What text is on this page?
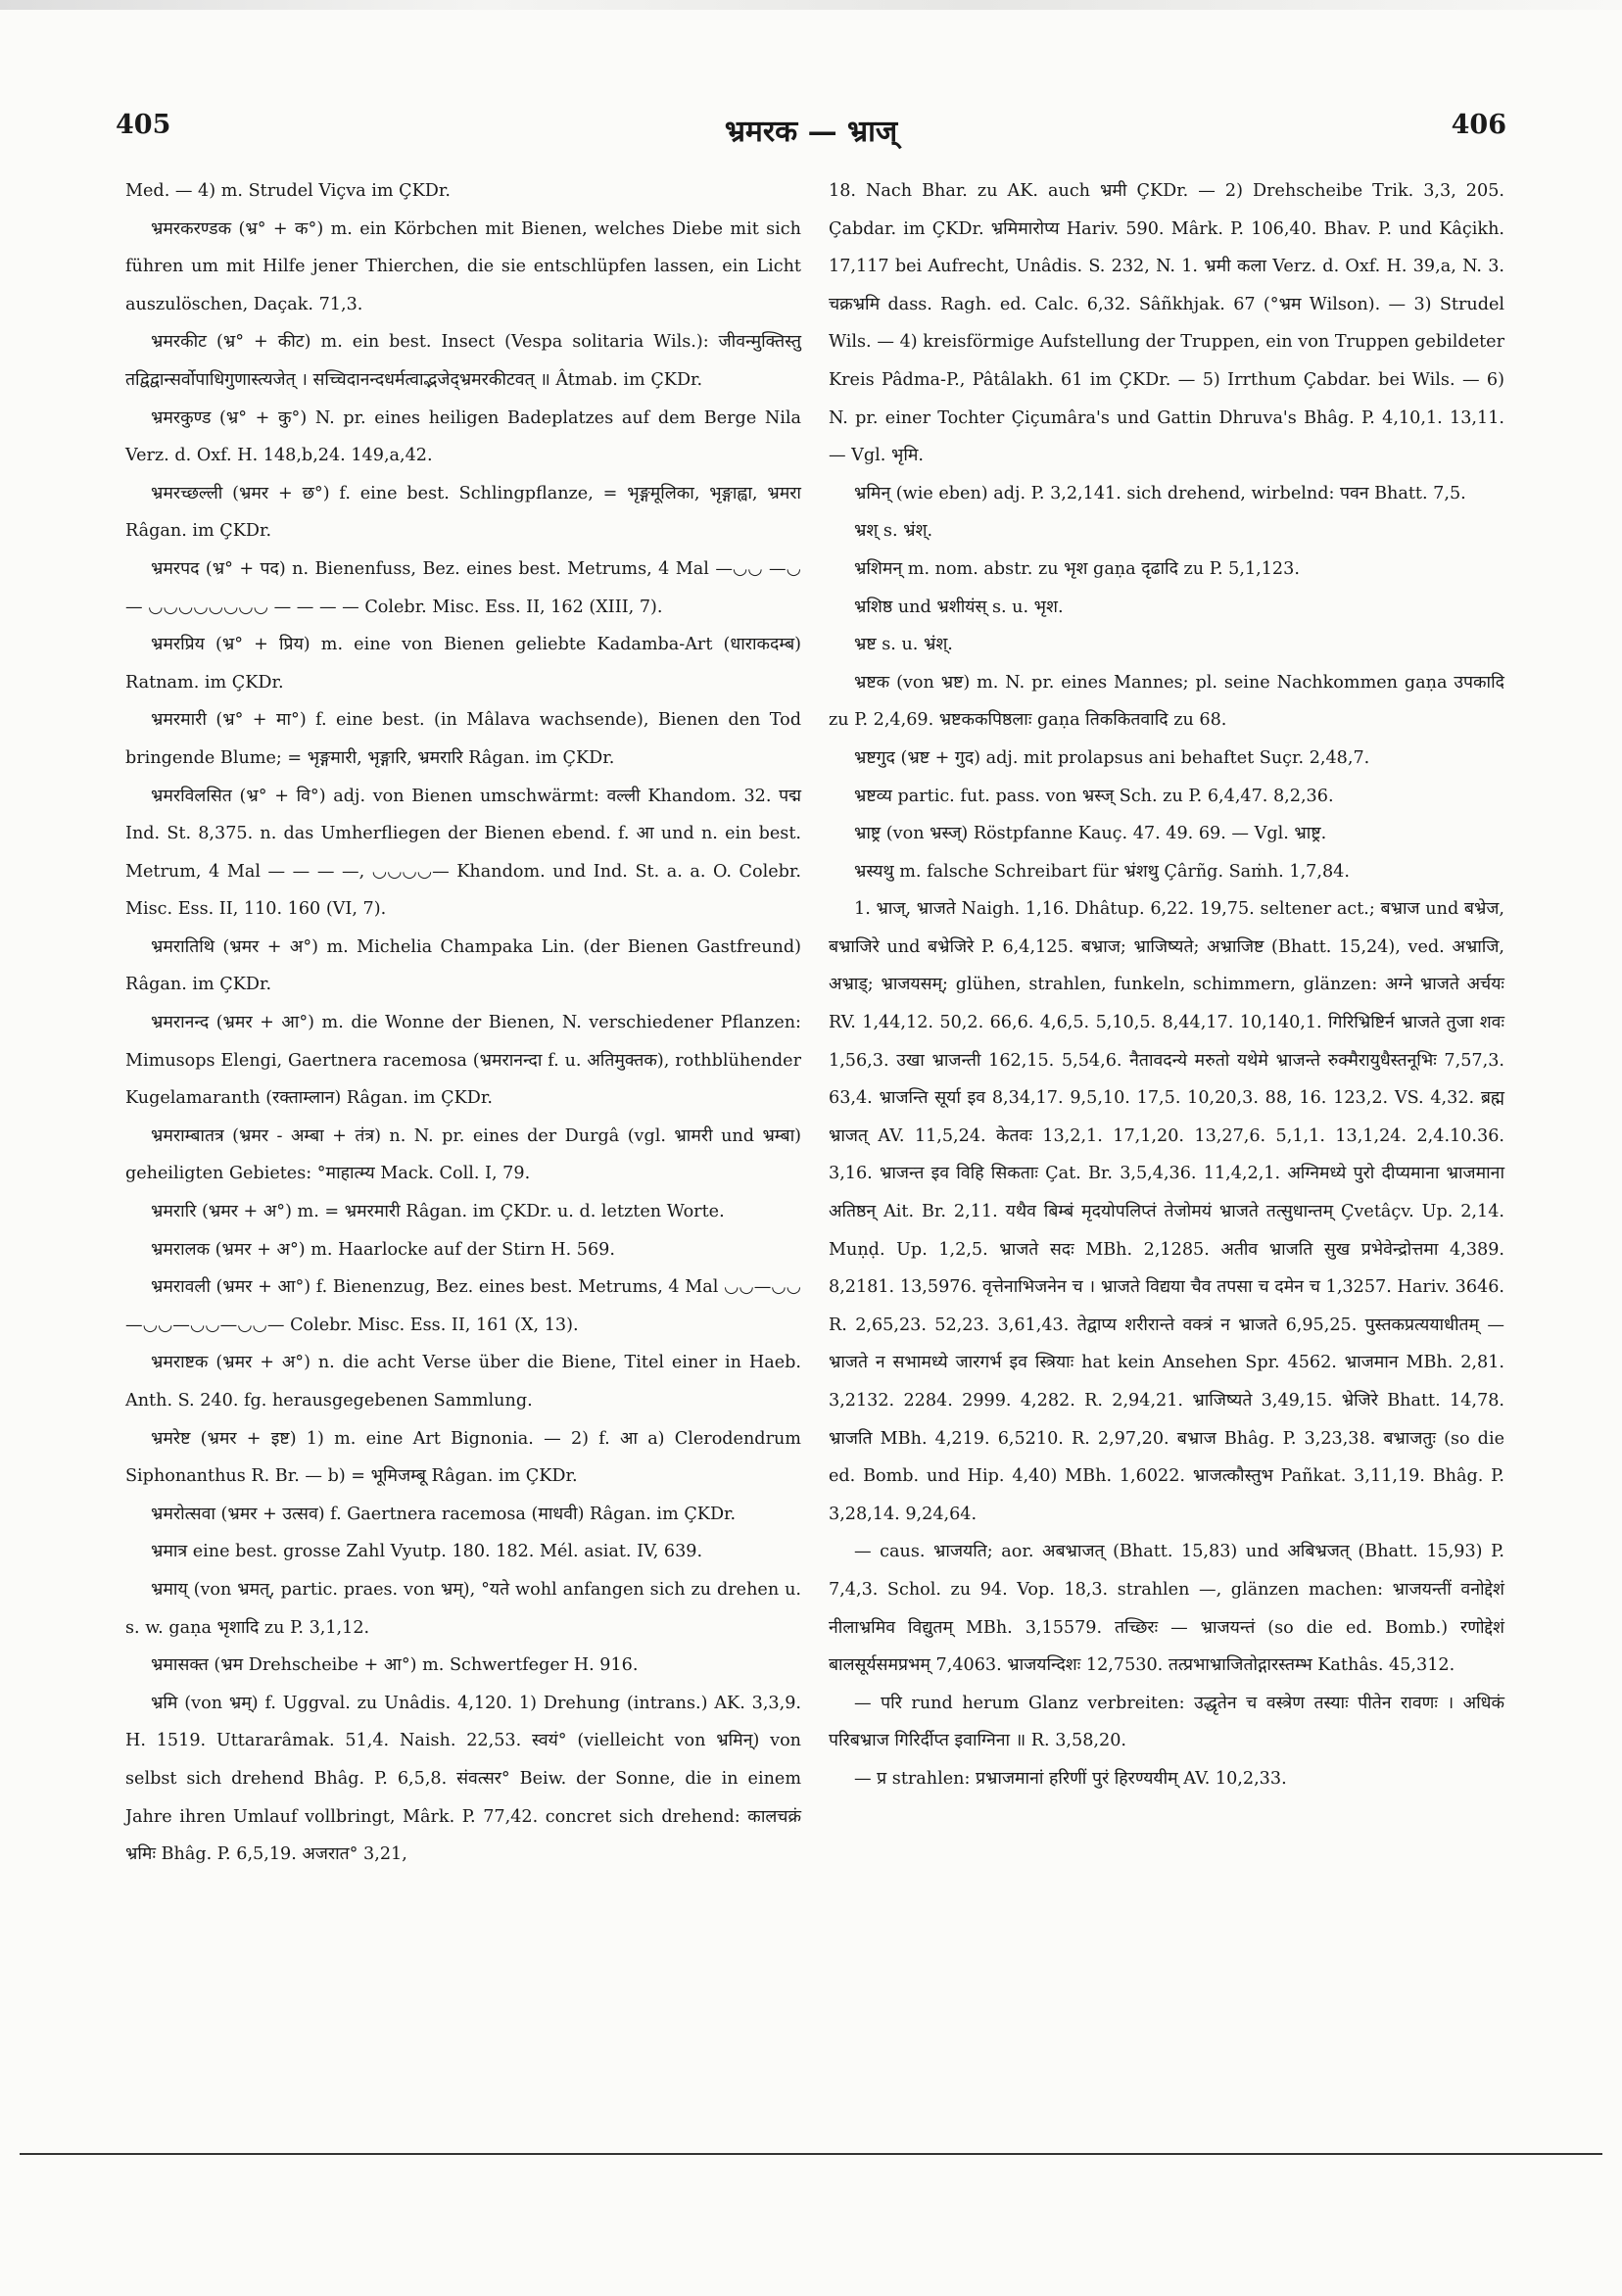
405	भ्रमरक — भ्राज्	406

Med. — 4) m. Strudel Viçva im ÇKDr.

भ्रमरकरण्डक (भ्र° + क°) m. ein Körbchen mit Bienen, welches Diebe mit sich führen um mit Hilfe jener Thierchen, die sie entschlüpfen lassen, ein Licht auszulöschen, Daçak. 71,3.

भ्रमरकीट (भ्र° + कीट) m. ein best. Insect (Vespa solitaria Wils.): जीवन्मुक्तिस्तु तद्विद्वान्सर्वोपाधिगुणास्त्यजेत् । सच्चिदानन्दधर्मत्वाद्भजेद्भ्रमरकीटवत् ॥ Âtmab. im ÇKDr.

भ्रमरकुण्ड (भ्र° + कु°) N. pr. eines heiligen Badeplatzes auf dem Berge Nila Verz. d. Oxf. H. 148,b,24. 149,a,42.

भ्रमरच्छल्ली (भ्रमर + छ°) f. eine best. Schlingpflanze, = भृङ्गमूलिका, भृङ्गाह्वा, भ्रमरा Râgan. im ÇKDr.

भ्रमरपद (भ्र° + पद) n. Bienenfuss, Bez. eines best. Metrums, 4 Mal —◡◡ —◡— ◡◡◡◡◡◡◡◡ — — — — Colebr. Misc. Ess. II, 162 (XIII, 7).

भ्रमरप्रिय (भ्र° + प्रिय) m. eine von Bienen geliebte Kadamba-Art (धाराकदम्ब) Ratnam. im ÇKDr.

भ्रमरमारी (भ्र° + मा°) f. eine best. (in Mâlava wachsende), Bienen den Tod bringende Blume; = भृङ्गमारी, भृङ्गारि, भ्रमरारि Râgan. im ÇKDr.

भ्रमरविलसित (भ्र° + वि°) adj. von Bienen umschwärmt: वल्ली Khandom. 32. पद्म Ind. St. 8,375. n. das Umherfliegen der Bienen ebend. f. आ und n. ein best. Metrum, 4 Mal — — — —, ◡◡◡◡— Khandom. und Ind. St. a. a. O. Colebr. Misc. Ess. II, 110. 160 (VI, 7).

भ्रमरातिथि (भ्रमर + अ°) m. Michelia Champaka Lin. (der Bienen Gastfreund) Râgan. im ÇKDr.

भ्रमरानन्द (भ्रमर + आ°) m. die Wonne der Bienen, N. verschiedener Pflanzen: Mimusops Elengi, Gaertnera racemosa (भ्रमरानन्दा f. u. अतिमुक्तक), rothblühender Kugelamaranth (रक्ताम्लान) Râgan. im ÇKDr.

भ्रमराम्बातत्र (भ्रमर - अम्बा + तंत्र) n. N. pr. eines der Durgâ (vgl. भ्रामरी und भ्रम्बा) geheiligten Gebietes: °माहात्म्य Mack. Coll. I, 79.

भ्रमरारि (भ्रमर + अ°) m. = भ्रमरमारी Râgan. im ÇKDr. u. d. letzten Worte.

भ्रमरालक (भ्रमर + अ°) m. Haarlocke auf der Stirn H. 569.

भ्रमरावली (भ्रमर + आ°) f. Bienenzug, Bez. eines best. Metrums, 4 Mal ◡◡—◡◡—◡◡—◡◡—◡◡— Colebr. Misc. Ess. II, 161 (X, 13).

भ्रमराष्टक (भ्रमर + अ°) n. die acht Verse über die Biene, Titel einer in Haeb. Anth. S. 240. fg. herausgegebenen Sammlung.

भ्रमरेष्ट (भ्रमर + इष्ट) 1) m. eine Art Bignonia. — 2) f. आ a) Clerodendrum Siphonanthus R. Br. — b) = भूमिजम्बू Râgan. im ÇKDr.

भ्रमरोत्सवा (भ्रमर + उत्सव) f. Gaertnera racemosa (माधवी) Râgan. im ÇKDr.

भ्रमात्र eine best. grosse Zahl Vyutp. 180. 182. Mél. asiat. IV, 639.

भ्रमाय् (von भ्रमत्, partic. praes. von भ्रम्), °यते wohl anfangen sich zu drehen u. s. w. gaṇa भृशादि zu P. 3,1,12.

भ्रमासक्त (भ्रम Drehscheibe + आ°) m. Schwertfeger H. 916.

भ्रमि (von भ्रम्) f. Uggval. zu Unâdis. 4,120. 1) Drehung (intrans.) AK. 3,3,9. H. 1519. Uttararâmak. 51,4. Naish. 22,53. स्वयं° (vielleicht von भ्रमिन्) von selbst sich drehend Bhâg. P. 6,5,8. संवत्सर° Beiw. der Sonne, die in einem Jahre ihren Umlauf vollbringt, Mârk. P. 77,42. concret sich drehend: कालचक्रं भ्रमिः Bhâg. P. 6,5,19. अजरात° 3,21,

18. Nach Bhar. zu AK. auch भ्रमी ÇKDr. — 2) Drehscheibe Trik. 3,3, 205. Çabdar. im ÇKDr. भ्रमिमारोप्य Hariv. 590. Mârk. P. 106,40. Bhav. P. und Kâçikh. 17,117 bei Aufrecht, Unâdis. S. 232, N. 1. भ्रमी कला Verz. d. Oxf. H. 39,a, N. 3. चक्रभ्रमि dass. Ragh. ed. Calc. 6,32. Sâñkhjak. 67 (°भ्रम Wilson). — 3) Strudel Wils. — 4) kreisförmige Aufstellung der Truppen, ein von Truppen gebildeter Kreis Pâdma-P., Pâtâlakh. 61 im ÇKDr. — 5) Irrthum Çabdar. bei Wils. — 6) N. pr. einer Tochter Çiçumâra's und Gattin Dhruva's Bhâg. P. 4,10,1. 13,11. — Vgl. भृमि.

भ्रमिन् (wie eben) adj. P. 3,2,141. sich drehend, wirbelnd: पवन Bhatt. 7,5.

भ्रश् s. भ्रंश्.

भ्रशिमन् m. nom. abstr. zu भृश gaṇa दृढादि zu P. 5,1,123.

भ्रशिष्ठ und भ्रशीयंस् s. u. भृश.

भ्रष्ट s. u. भ्रंश्.

भ्रष्टक (von भ्रष्ट) m. N. pr. eines Mannes; pl. seine Nachkommen gaṇa उपकादि zu P. 2,4,69. भ्रष्टककपिष्ठलाः gaṇa तिककितवादि zu 68.

भ्रष्टगुद (भ्रष्ट + गुद) adj. mit prolapsus ani behaftet Suçr. 2,48,7.

भ्रष्टव्य partic. fut. pass. von भ्रस्ज् Sch. zu P. 6,4,47. 8,2,36.

भ्राष्ट्र (von भ्रस्ज्) Röstpfanne Kauç. 47. 49. 69. — Vgl. भ्राष्ट्र.

भ्रस्यथु m. falsche Schreibart für भ्रंशथु Çârñg. Saṁh. 1,7,84.

1. भ्राज्, भ्राजते Naigh. 1,16. Dhâtup. 6,22. 19,75. seltener act.; बभ्राज und बभ्रेज, बभ्राजिरे und बभ्रेजिरे P. 6,4,125. बभ्राज; भ्राजिष्यते; अभ्राजिष्ट (Bhatt. 15,24), ved. अभ्राजि, अभ्राड्; भ्राजयसम्; glühen, strahlen, funkeln, schimmern, glänzen: अग्ने भ्राजते अर्चयः RV. 1,44,12. 50,2. 66,6. 4,6,5. 5,10,5. 8,44,17. 10,140,1. गिरिभ्रिष्टिर्न भ्राजते तुजा शवः 1,56,3. उखा भ्राजन्ती 162,15. 5,54,6. नैतावदन्ये मरुतो यथेमे भ्राजन्ते रुक्मैरायुधैस्तनूभिः 7,57,3. 63,4. भ्राजन्ति सूर्या इव 8,34,17. 9,5,10. 17,5. 10,20,3. 88, 16. 123,2. VS. 4,32. ब्रह्म भ्राजत् AV. 11,5,24. केतवः 13,2,1. 17,1,20. 13,27,6. 5,1,1. 13,1,24. 2,4.10.36. 3,16. भ्राजन्त इव विहि सिकताः Çat. Br. 3,5,4,36. 11,4,2,1. अग्निमध्ये पुरो दीप्यमाना भ्राजमाना अतिष्ठन् Ait. Br. 2,11. यथैव बिम्बं मृदयोपलिप्तं तेजोमयं भ्राजते तत्सुधान्तम् Çvetâçv. Up. 2,14. Muṇḍ. Up. 1,2,5. भ्राजते सदः MBh. 2,1285. अतीव भ्राजति सुख प्रभेवेन्द्रोत्तमा 4,389. 8,2181. 13,5976. वृत्तेनाभिजनेन च । भ्राजते विद्यया चैव तपसा च दमेन च 1,3257. Hariv. 3646. R. 2,65,23. 52,23. 3,61,43. तेद्वाप्य शरीरान्ते वक्त्रं न भ्राजते 6,95,25. पुस्तकप्रत्ययाधीतम् — भ्राजते न सभामध्ये जारगर्भ इव स्त्रियाः hat kein Ansehen Spr. 4562. भ्राजमान MBh. 2,81. 3,2132. 2284. 2999. 4,282. R. 2,94,21. भ्राजिष्यते 3,49,15. भ्रेजिरे Bhatt. 14,78. भ्राजति MBh. 4,219. 6,5210. R. 2,97,20. बभ्राज Bhâg. P. 3,23,38. बभ्राजतुः (so die ed. Bomb. und Hip. 4,40) MBh. 1,6022. भ्राजत्कौस्तुभ Pañkat. 3,11,19. Bhâg. P. 3,28,14. 9,24,64.

— caus. भ्राजयति; aor. अबभ्राजत् (Bhatt. 15,83) und अबिभ्रजत् (Bhatt. 15,93) P. 7,4,3. Schol. zu 94. Vop. 18,3. strahlen —, glänzen machen: भ्राजयन्तीं वनोद्देशं नीलाभ्रमिव विद्युतम् MBh. 3,15579. तच्छिरः — भ्राजयन्तं (so die ed. Bomb.) रणोद्देशं बालसूर्यसमप्रभम् 7,4063. भ्राजयन्दिशः 12,7530. तत्प्रभाभ्राजितोद्गारस्तम्भ Kathâs. 45,312.

— परि rund herum Glanz verbreiten: उद्धृतेन च वस्त्रेण तस्याः पीतेन रावणः । अधिकं परिबभ्राज गिरिर्दीप्त इवाग्निना ॥ R. 3,58,20.

— प्र strahlen: प्रभ्राजमानां हरिणीं पुरं हिरण्ययीम् AV. 10,2,33.
